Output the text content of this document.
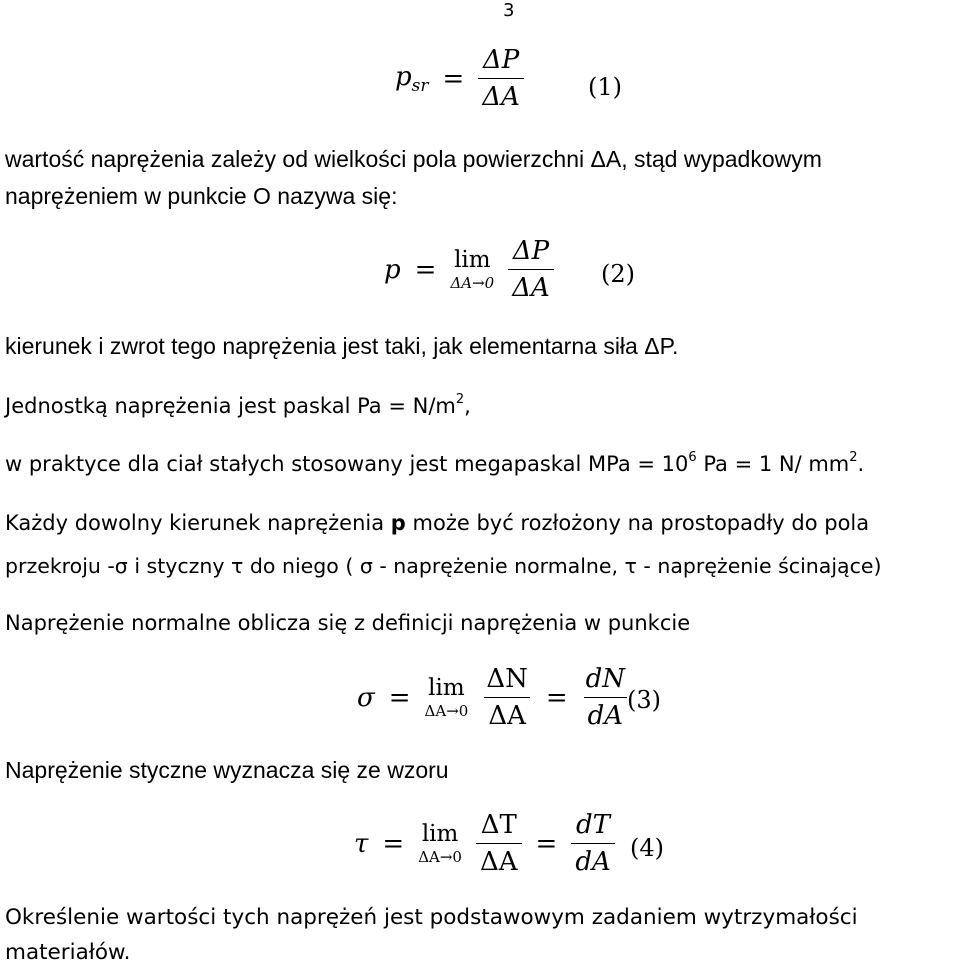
3
$p_{sr} = \frac{\Delta P}{\Delta A}$	(1)
wartość naprężenia zależy od wielkości pola powierzchni ΔA, stąd wypadkowym
naprężeniem w punkcie O nazywa się:
p = lim
$\Delta A\to 0 \frac{\Delta P}{\Delta A} (2)$
kierunek i zwrot tego naprężenia jest taki, jak elementarna siła ΔP.
Jednostką naprężenia jest paskal $Pa = N/m^2$,
w praktyce dla ciał stałych stosowany jest megapaskal MPa = $10^6$ Pa = 1 N/ $mm^2$.
Każdy dowolny kierunek naprężenia p może być rozłożony na prostopadły do pola
przekroju -σ i styczny τ do niego ( σ - naprężenie normalne, τ - naprężenie ścinające)
Naprężenie normalne oblicza się z definicji naprężenia w punkcie
σ = lim
$\Delta A\to 0 \frac{\Delta N}{\Delta A} = \frac{dN}{dA}$
(3)
Naprężenie styczne wyznacza się ze wzoru
τ = lim
$\Delta A\to 0 \frac{\Delta T}{\Delta A} = \frac{dT}{dA} (4)$
Określenie wartości tych naprężeń jest podstawowym zadaniem wytrzymałości
materiałów.
